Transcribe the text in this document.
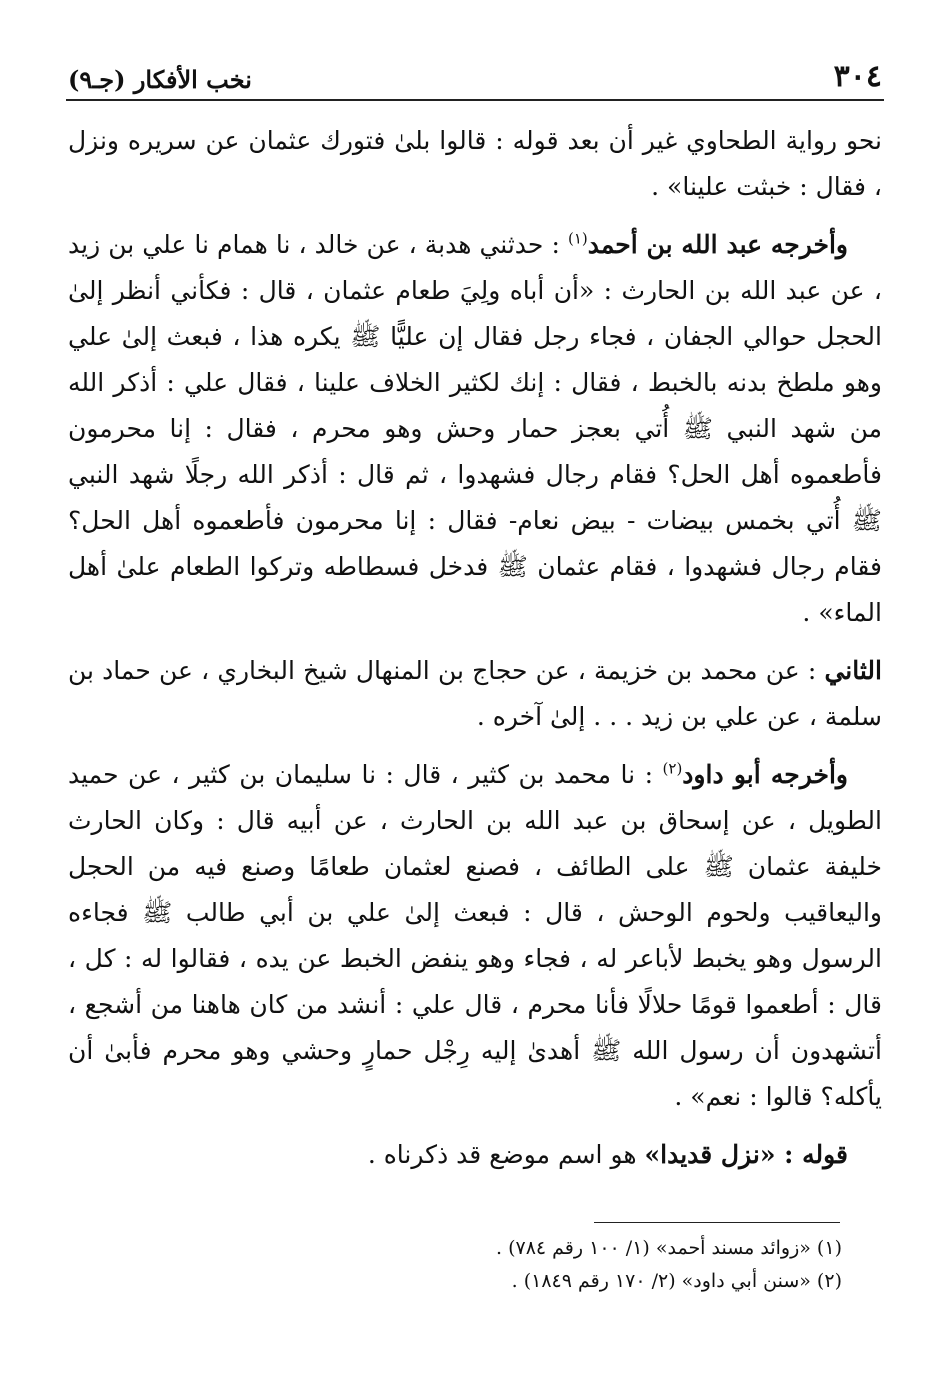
٣٠٤
نخب الأفكار (جـ٩)

نحو رواية الطحاوي غير أن بعد قوله : قالوا بلىٰ فتورك عثمان عن سريره ونزل ، فقال : خبثت علينا» .

وأخرجه عبد الله بن أحمد$^{(١)}$ : حدثني هدبة ، عن خالد ، نا همام نا علي بن زيد ، عن عبد الله بن الحارث : «أن أباه ولِيَ طعام عثمان ، قال : فكأني أنظر إلىٰ الحجل حوالي الجفان ، فجاء رجل فقال إن عليًّا ﷺ يكره هذا ، فبعث إلىٰ علي وهو ملطخ بدنه بالخبط ، فقال : إنك لكثير الخلاف علينا ، فقال علي : أذكر الله من شهد النبي ﷺ أُتي بعجز حمار وحش وهو محرم ، فقال : إنا محرمون فأطعموه أهل الحل؟ فقام رجال فشهدوا ، ثم قال : أذكر الله رجلًا شهد النبي ﷺ أُتي بخمس بيضات - بيض نعام- فقال : إنا محرمون فأطعموه أهل الحل؟ فقام رجال فشهدوا ، فقام عثمان ﷺ فدخل فسطاطه وتركوا الطعام علىٰ أهل الماء» .

الثاني : عن محمد بن خزيمة ، عن حجاج بن المنهال شيخ البخاري ، عن حماد بن سلمة ، عن علي بن زيد . . . إلىٰ آخره .

وأخرجه أبو داود$^{(٢)}$ : نا محمد بن كثير ، قال : نا سليمان بن كثير ، عن حميد الطويل ، عن إسحاق بن عبد الله بن الحارث ، عن أبيه قال : وكان الحارث خليفة عثمان ﷺ على الطائف ، فصنع لعثمان طعامًا وصنع فيه من الحجل واليعاقيب ولحوم الوحش ، قال : فبعث إلىٰ علي بن أبي طالب ﷺ فجاءه الرسول وهو يخبط لأباعر له ، فجاء وهو ينفض الخبط عن يده ، فقالوا له : كل ، قال : أطعموا قومًا حلالًا فأنا محرم ، قال علي : أنشد من كان هاهنا من أشجع ، أتشهدون أن رسول الله ﷺ أهدىٰ إليه رِجْل حمارٍ وحشي وهو محرم فأبىٰ أن يأكله؟ قالوا : نعم» .

قوله : «نزل قديدا» هو اسم موضع قد ذكرناه .

(١) «زوائد مسند أحمد» (١/ ١٠٠ رقم ٧٨٤) .

(٢) «سنن أبي داود» (٢/ ١٧٠ رقم ١٨٤٩) .
